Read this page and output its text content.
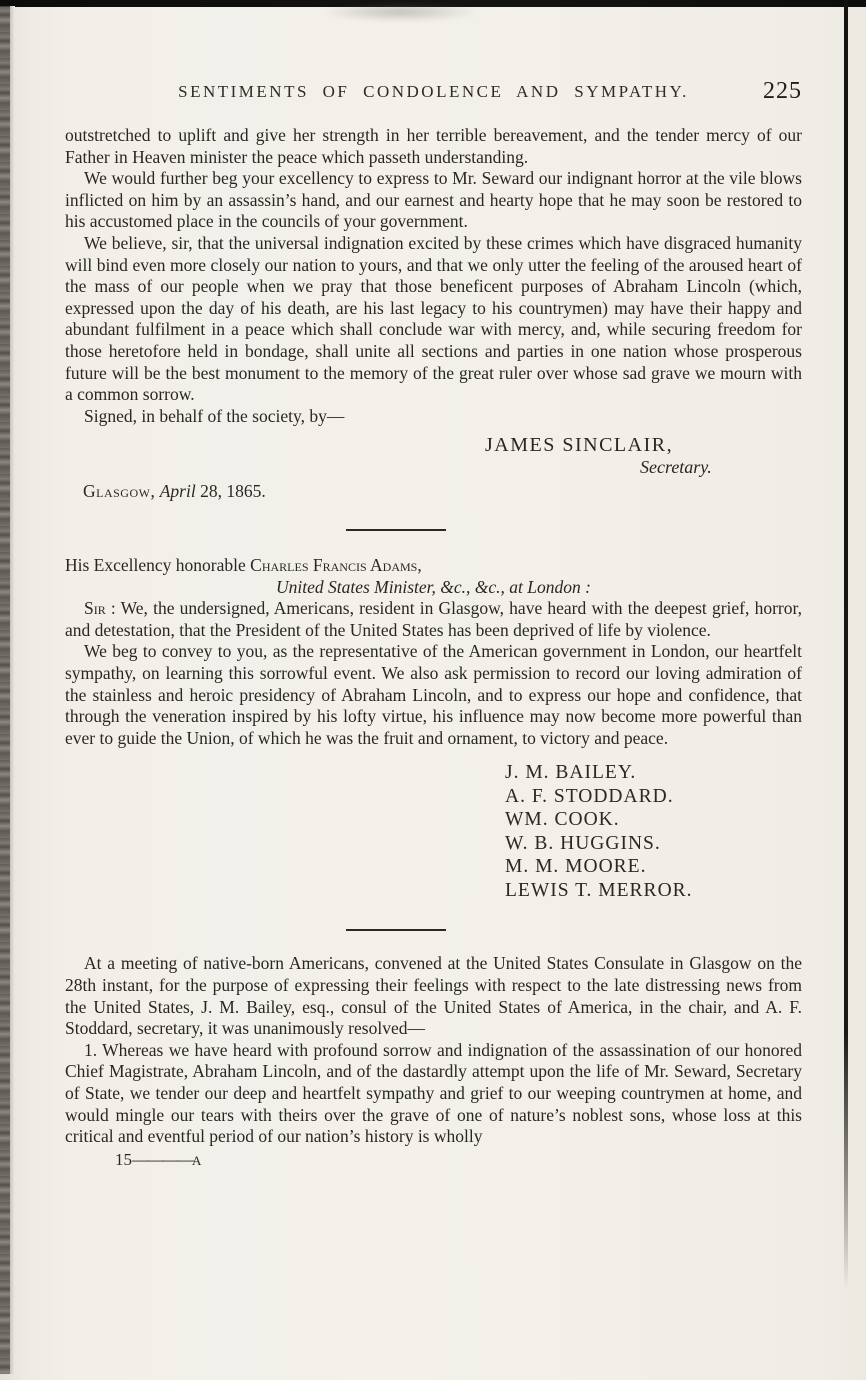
SENTIMENTS OF CONDOLENCE AND SYMPATHY.	225

outstretched to uplift and give her strength in her terrible bereavement, and the tender mercy of our Father in Heaven minister the peace which passeth understanding.

We would further beg your excellency to express to Mr. Seward our indignant horror at the vile blows inflicted on him by an assassin’s hand, and our earnest and hearty hope that he may soon be restored to his accustomed place in the councils of your government.

We believe, sir, that the universal indignation excited by these crimes which have disgraced humanity will bind even more closely our nation to yours, and that we only utter the feeling of the aroused heart of the mass of our people when we pray that those beneficent purposes of Abraham Lincoln (which, expressed upon the day of his death, are his last legacy to his countrymen) may have their happy and abundant fulfilment in a peace which shall conclude war with mercy, and, while securing freedom for those heretofore held in bondage, shall unite all sections and parties in one nation whose prosperous future will be the best monument to the memory of the great ruler over whose sad grave we mourn with a common sorrow.

Signed, in behalf of the society, by—

JAMES SINCLAIR,

Secretary.

Glasgow, April 28, 1865.

His Excellency honorable Charles Francis Adams,

United States Minister, &c., &c., at London :

Sir : We, the undersigned, Americans, resident in Glasgow, have heard with the deepest grief, horror, and detestation, that the President of the United States has been deprived of life by violence.

We beg to convey to you, as the representative of the American government in London, our heartfelt sympathy, on learning this sorrowful event. We also ask permission to record our loving admiration of the stainless and heroic presidency of Abraham Lincoln, and to express our hope and confidence, that through the veneration inspired by his lofty virtue, his influence may now become more powerful than ever to guide the Union, of which he was the fruit and ornament, to victory and peace.

J. M. BAILEY.
A. F. STODDARD.
WM. COOK.
W. B. HUGGINS.
M. M. MOORE.
LEWIS T. MERROR.

At a meeting of native-born Americans, convened at the United States Consulate in Glasgow on the 28th instant, for the purpose of expressing their feelings with respect to the late distressing news from the United States, J. M. Bailey, esq., consul of the United States of America, in the chair, and A. F. Stoddard, secretary, it was unanimously resolved—

1. Whereas we have heard with profound sorrow and indignation of the assassination of our honored Chief Magistrate, Abraham Lincoln, and of the dastardly attempt upon the life of Mr. Seward, Secretary of State, we tender our deep and heartfelt sympathy and grief to our weeping countrymen at home, and would mingle our tears with theirs over the grave of one of nature’s noblest sons, whose loss at this critical and eventful period of our nation’s history is wholly

15————A
